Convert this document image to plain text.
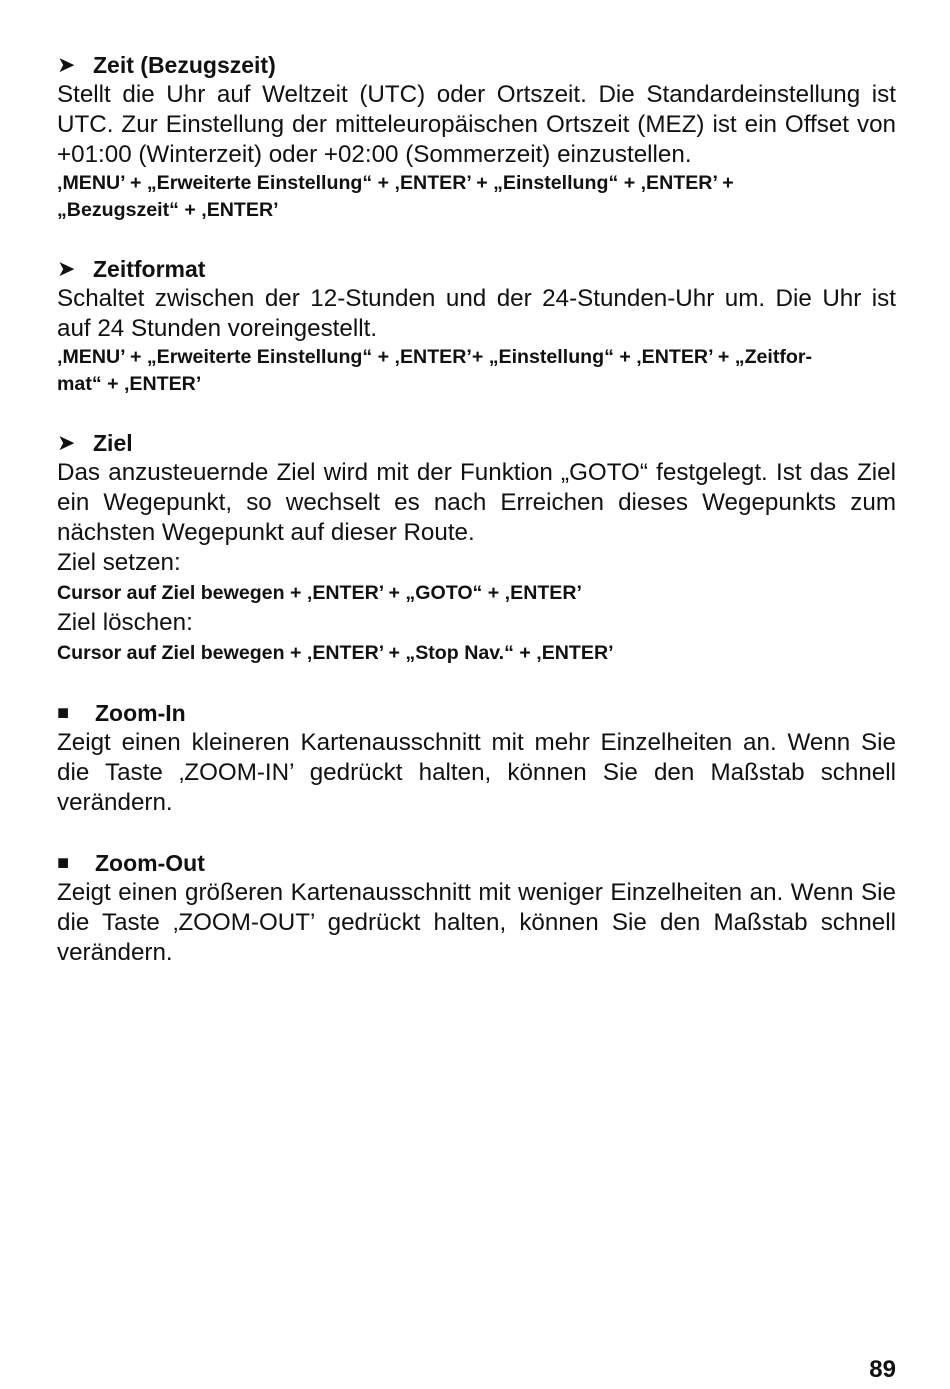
➤ Zeit (Bezugszeit)

Stellt die Uhr auf Weltzeit (UTC) oder Ortszeit. Die Standardeinstellung ist UTC. Zur Einstellung der mitteleuropäischen Ortszeit (MEZ) ist ein Offset von +01:00 (Winterzeit) oder +02:00 (Sommerzeit) einzustellen.

‚MENU’ + „Erweiterte Einstellung“ + ‚ENTER’ + „Einstellung“ + ‚ENTER’ +

„Bezugszeit“ + ‚ENTER’

➤ Zeitformat

Schaltet zwischen der 12-Stunden und der 24-Stunden-Uhr um. Die Uhr ist auf 24 Stunden voreingestellt.

‚MENU’ + „Erweiterte Einstellung“ + ‚ENTER’+ „Einstellung“ + ‚ENTER’ + „Zeitfor-

mat“ + ‚ENTER’

➤ Ziel

Das anzusteuernde Ziel wird mit der Funktion „GOTO“ festgelegt. Ist das Ziel ein Wegepunkt, so wechselt es nach Erreichen dieses Wegepunkts zum nächsten Wegepunkt auf dieser Route.

Ziel setzen:

Cursor auf Ziel bewegen + ‚ENTER’ + „GOTO“ + ‚ENTER’

Ziel löschen:

Cursor auf Ziel bewegen + ‚ENTER’ + „Stop Nav.“ + ‚ENTER’

■	Zoom-In

Zeigt einen kleineren Kartenausschnitt mit mehr Einzelheiten an. Wenn Sie die Taste ‚ZOOM-IN’ gedrückt halten, können Sie den Maßstab schnell verändern.

■	Zoom-Out

Zeigt einen größeren Kartenausschnitt mit weniger Einzelheiten an. Wenn Sie die Taste ‚ZOOM-OUT’ gedrückt halten, können Sie den Maßstab schnell verändern.

89
